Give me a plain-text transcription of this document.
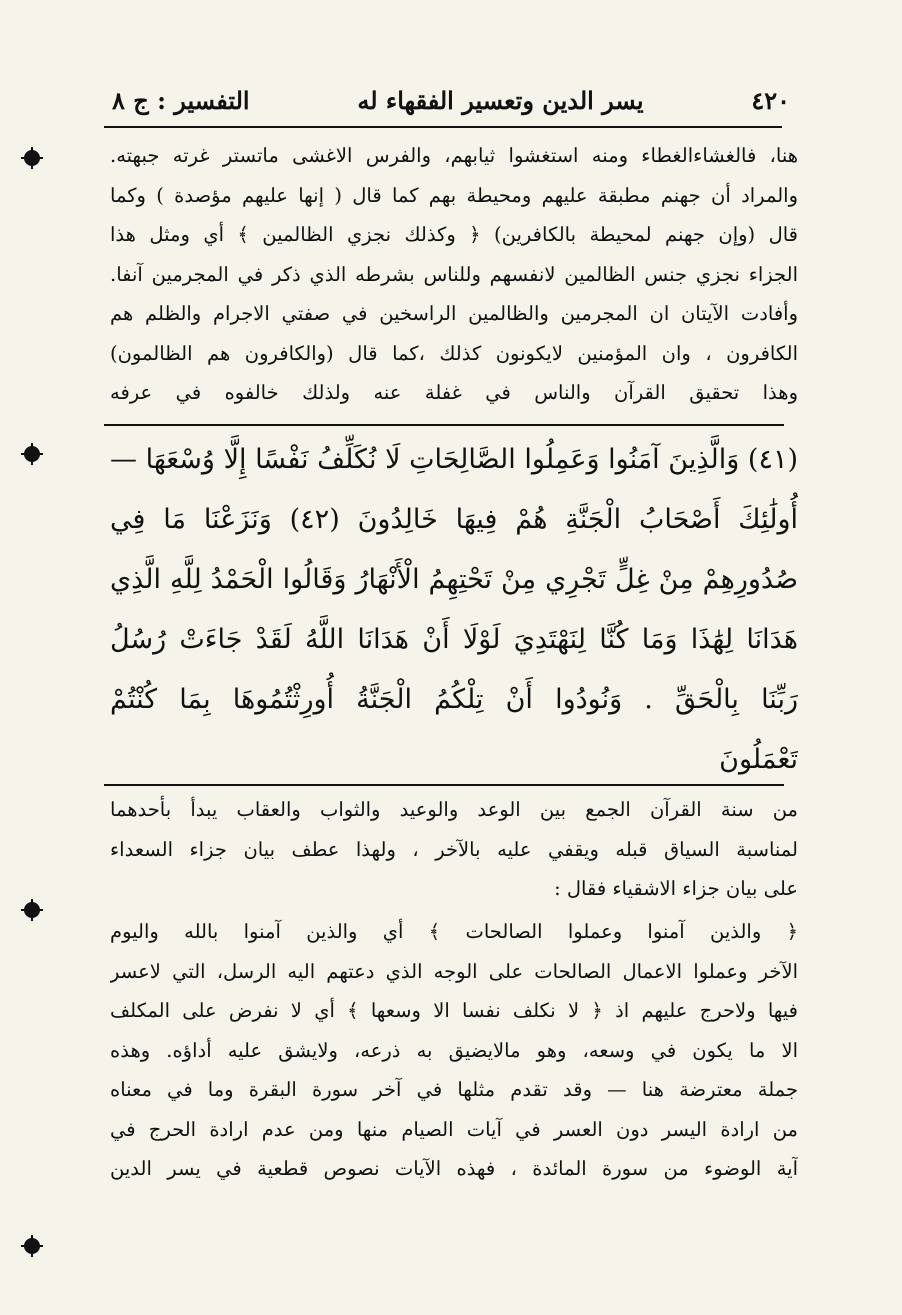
٤٢٠
يسر الدين وتعسير الفقهاء له
التفسير : ج ٨

هنا، فالغشاءالغطاء ومنه استغشوا ثيابهم، والفرس الاغشى ماتستر غرته جبهته.

والمراد أن جهنم مطبقة عليهم ومحيطة بهم كما قال ( إنها عليهم مؤصدة ) وكما

قال (وإن جهنم لمحيطة بالكافرين) ﴿ وكذلك نجزي الظالمين ﴾ أي ومثل هذا

الجزاء نجزي جنس الظالمين لانفسهم وللناس بشرطه الذي ذكر في المجرمين آنفا.

وأفادت الآيتان ان المجرمين والظالمين الراسخين في صفتي الاجرام والظلم هم

الكافرون ، وان المؤمنين لايكونون كذلك ،كما قال (والكافرون هم الظالمون)

وهذا تحقيق القرآن والناس في غفلة عنه ولذلك خالفوه في عرفه

(٤١) وَالَّذِينَ آمَنُوا وَعَمِلُوا الصَّالِحَاتِ لَا نُكَلِّفُ نَفْسًا إِلَّا وُسْعَهَا —

أُولَٰئِكَ أَصْحَابُ الْجَنَّةِ هُمْ فِيهَا خَالِدُونَ (٤٢) وَنَزَعْنَا مَا فِي

صُدُورِهِمْ مِنْ غِلٍّ تَجْرِي مِنْ تَحْتِهِمُ الْأَنْهَارُ وَقَالُوا الْحَمْدُ لِلَّهِ الَّذِي

هَدَانَا لِهَٰذَا وَمَا كُنَّا لِنَهْتَدِيَ لَوْلَا أَنْ هَدَانَا اللَّهُ لَقَدْ جَاءَتْ رُسُلُ

رَبِّنَا بِالْحَقِّ . وَنُودُوا أَنْ تِلْكُمُ الْجَنَّةُ أُورِثْتُمُوهَا بِمَا كُنْتُمْ

تَعْمَلُونَ

من سنة القرآن الجمع بين الوعد والوعيد والثواب والعقاب يبدأ بأحدهما

لمناسبة السياق قبله ويقفي عليه بالآخر ، ولهذا عطف بيان جزاء السعداء

على بيان جزاء الاشقياء فقال :

﴿ والذين آمنوا وعملوا الصالحات ﴾ أي والذين آمنوا بالله واليوم

الآخر وعملوا الاعمال الصالحات على الوجه الذي دعتهم اليه الرسل، التي لاعسر

فيها ولاحرج عليهم اذ ﴿ لا نكلف نفسا الا وسعها ﴾ أي لا نفرض على المكلف

الا ما يكون في وسعه، وهو مالايضيق به ذرعه، ولايشق عليه أداؤه. وهذه

جملة معترضة هنا — وقد تقدم مثلها في آخر سورة البقرة وما في معناه

من ارادة اليسر دون العسر في آيات الصيام منها ومن عدم ارادة الحرج في

آية الوضوء من سورة المائدة ، فهذه الآيات نصوص قطعية في يسر الدين
